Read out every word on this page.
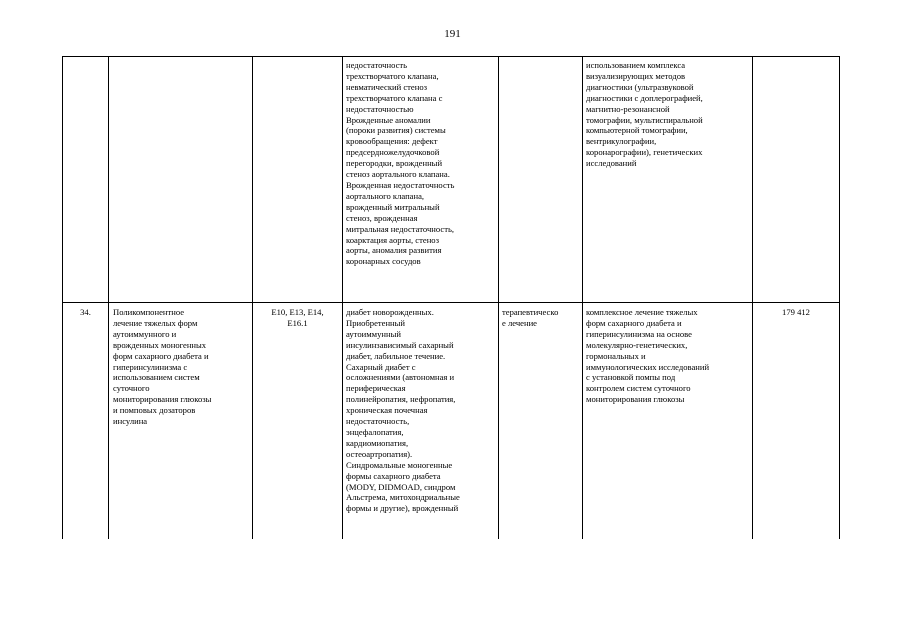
191
недостаточность
трехстворчатого клапана,
невматический стеноз
трехстворчатого клапана с
недостаточностью
Врожденные аномалии
(пороки развития) системы
кровообращения: дефект
предсердножелудочковой
перегородки, врожденный
стеноз аортального клапана.
Врожденная недостаточность
аортального клапана,
врожденный митральный
стеноз, врожденная
митральная недостаточность,
коарктация аорты, стеноз
аорты, аномалия развития
коронарных сосудов
использованием комплекса
визуализирующих методов
диагностики (ультразвуковой
диагностики с доплерографией,
магнитно-резонансной
томографии, мультиспиральной
компьютерной томографии,
вентрикулографии,
коронарографии), генетических
исследований
34.	Поликомпонентное
лечение тяжелых форм
аутоиммунного и
врожденных моногенных
форм сахарного диабета и
гиперинсулинизма с
использованием систем
суточного
мониторирования глюкозы
и помповых дозаторов
инсулина
E10, E13, E14,
E16.1
диабет новорожденных.
Приобретенный
аутоиммунный
инсулинзависимый сахарный
диабет, лабильное течение.
Сахарный диабет с
осложнениями (автономная и
периферическая
полинейропатия, нефропатия,
хроническая почечная
недостаточность,
энцефалопатия,
кардиомиопатия,
остеоартропатия).
Синдромальные моногенные
формы сахарного диабета
(MODY, DIDMOAD, синдром
Альстрема, митохондриальные
формы и другие), врожденный
терапевтическо
е лечение
комплексное лечение тяжелых
форм сахарного диабета и
гиперинсулинизма на основе
молекулярно-генетических,
гормональных и
иммунологических исследований
с установкой помпы под
контролем систем суточного
мониторирования глюкозы
179 412
